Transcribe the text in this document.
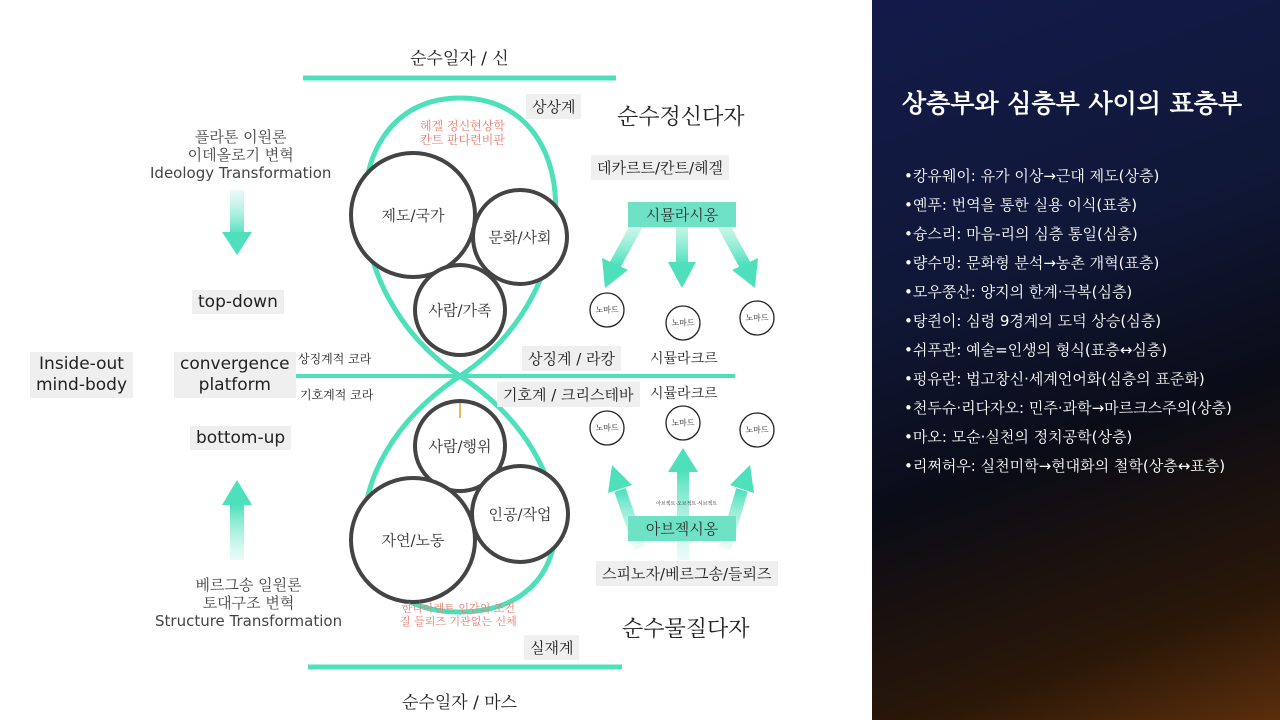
순수일자 / 신
순수일자 / 마스
순수정신다자
순수물질다자
상상계
실재계
헤겔 정신현상학
칸트 판다련비판
한나아렌트 인간의 조건
질 들뢰즈 기관없는 신체
플라톤 이원론
이데올로기 변혁
Ideology Transformation
베르그송 일원론
토대구조 변혁
Structure Transformation
top-down
bottom-up
convergence
platform
Inside-out
mind-body
상징계적 코라
기호계적 코라
상징계 / 라캉
기호계 / 크리스테바
시뮬라크르
시뮬라크르
데카르트/칸트/헤겔
시뮬라시옹
아브젝트·오브젝트·서브젝트
아브젝시옹
스피노자/베르그송/들뢰즈
제도/국가
문화/사회
사람/가족
사람/행위
인공/작업
자연/노동
노마드
노마드
노마드
노마드
노마드
노마드
상층부와 심층부 사이의 표층부
•캉유웨이: 유가 이상→근대 제도(상층)
•옌푸: 번역을 통한 실용 이식(표층)
•슝스리: 마음-리의 심층 통일(심층)
•량수밍: 문화형 분석→농촌 개혁(표층)
•모우쭝산: 양지의 한계·극복(심층)
•탕쥔이: 심령 9경계의 도덕 상승(심층)
•쉬푸관: 예술=인생의 형식(표층↔심층)
•펑유란: 법고창신·세계언어화(심층의 표준화)
•천두슈·리다자오: 민주·과학→마르크스주의(상층)
•마오: 모순·실천의 정치공학(상층)
•리쩌허우: 실천미학→현대화의 철학(상층↔표층)
